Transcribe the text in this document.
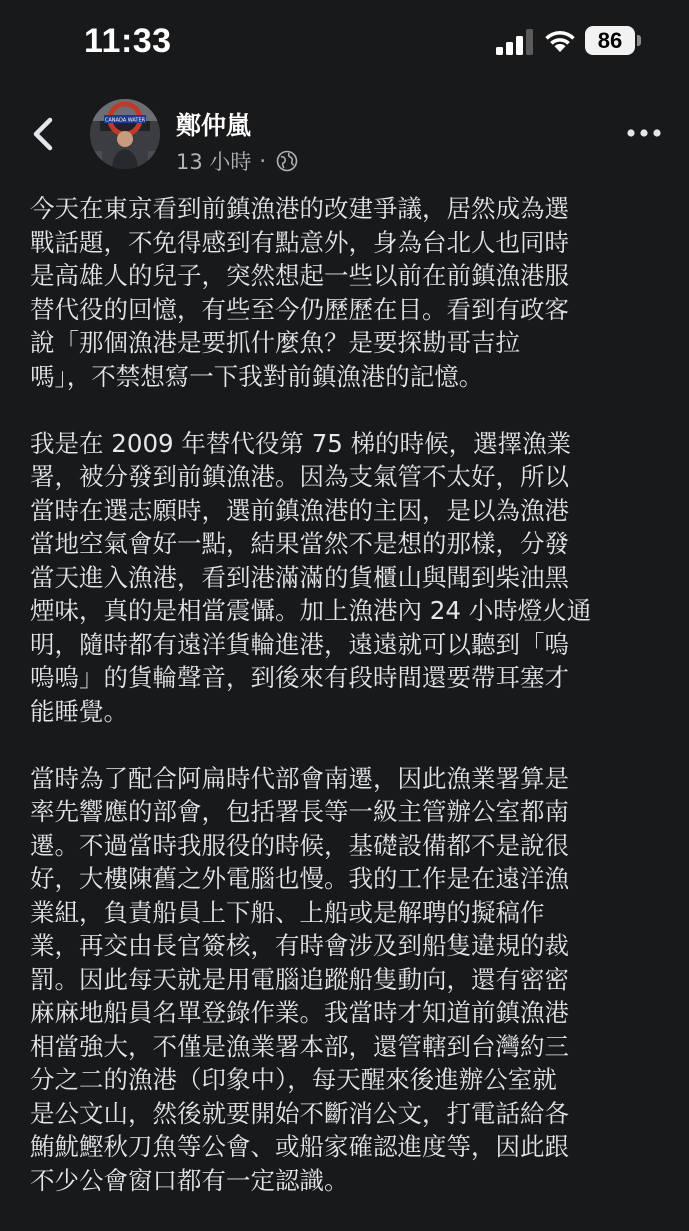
11:33	86
CANADA WATER 鄭仲嵐
13 小時 ·

今天在東京看到前鎮漁港的改建爭議，居然成為選
戰話題，不免得感到有點意外，身為台北人也同時
是高雄人的兒子，突然想起一些以前在前鎮漁港服
替代役的回憶，有些至今仍歷歷在目。看到有政客
說「那個漁港是要抓什麼魚？是要探勘哥吉拉
嗎」，不禁想寫一下我對前鎮漁港的記憶。

我是在 2009 年替代役第 75 梯的時候，選擇漁業
署，被分發到前鎮漁港。因為支氣管不太好，所以
當時在選志願時，選前鎮漁港的主因，是以為漁港
當地空氣會好一點，結果當然不是想的那樣，分發
當天進入漁港，看到港滿滿的貨櫃山與聞到柴油黑
煙味，真的是相當震懾。加上漁港內 24 小時燈火通
明，隨時都有遠洋貨輪進港，遠遠就可以聽到「嗚
嗚嗚」的貨輪聲音，到後來有段時間還要帶耳塞才
能睡覺。

當時為了配合阿扁時代部會南遷，因此漁業署算是
率先響應的部會，包括署長等一級主管辦公室都南
遷。不過當時我服役的時候，基礎設備都不是說很
好，大樓陳舊之外電腦也慢。我的工作是在遠洋漁
業組，負責船員上下船、上船或是解聘的擬稿作
業，再交由長官簽核，有時會涉及到船隻違規的裁
罰。因此每天就是用電腦追蹤船隻動向，還有密密
麻麻地船員名單登錄作業。我當時才知道前鎮漁港
相當強大，不僅是漁業署本部，還管轄到台灣約三
分之二的漁港（印象中），每天醒來後進辦公室就
是公文山，然後就要開始不斷消公文，打電話給各
鮪魷鰹秋刀魚等公會、或船家確認進度等，因此跟
不少公會窗口都有一定認識。
